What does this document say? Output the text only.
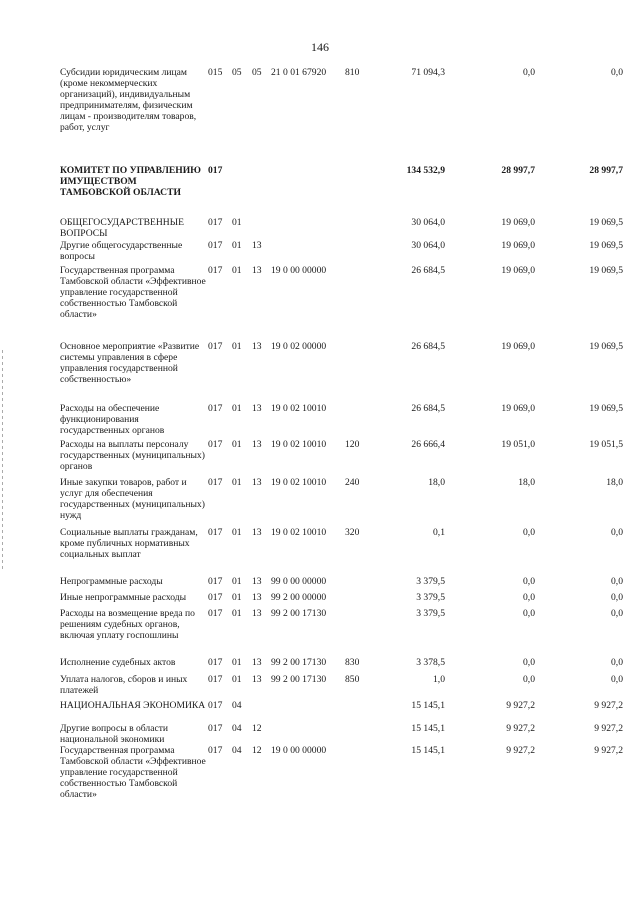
146
Субсидии юридическим лицам (кроме некоммерческих организаций), индивидуальным предпринимателям, физическим лицам - производителям товаров, работ, услуг
015 05 05 21 0 01 67920 810	71 094,3	0,0	0,0
КОМИТЕТ ПО УПРАВЛЕНИЮ ИМУЩЕСТВОМ ТАМБОВСКОЙ ОБЛАСТИ
017	134 532,9	28 997,7	28 997,7
ОБЩЕГОСУДАРСТВЕННЫЕ ВОПРОСЫ
017 01	30 064,0	19 069,0	19 069,5
Другие общегосударственные вопросы
017 01 13	30 064,0	19 069,0	19 069,5
Государственная программа Тамбовской области «Эффективное управление государственной собственностью Тамбовской области»
017 01 13 19 0 00 00000	26 684,5	19 069,0	19 069,5
Основное мероприятие «Развитие системы управления в сфере управления государственной собственностью»
017 01 13 19 0 02 00000	26 684,5	19 069,0	19 069,5
Расходы на обеспечение функционирования государственных органов
017 01 13 19 0 02 10010	26 684,5	19 069,0	19 069,5
Расходы на выплаты персоналу государственных (муниципальных) органов
017 01 13 19 0 02 10010 120	26 666,4	19 051,0	19 051,5
Иные закупки товаров, работ и услуг для обеспечения государственных (муниципальных) нужд
017 01 13 19 0 02 10010 240	18,0	18,0	18,0
Социальные выплаты гражданам, кроме публичных нормативных социальных выплат
017 01 13 19 0 02 10010 320	0,1	0,0	0,0
Непрограммные расходы	017 01 13 99 0 00 00000	3 379,5	0,0	0,0
Иные непрограммные расходы	017 01 13 99 2 00 00000	3 379,5	0,0	0,0
Расходы на возмещение вреда по решениям судебных органов, включая уплату госпошлины
017 01 13 99 2 00 17130	3 379,5	0,0	0,0
Исполнение судебных актов	017 01 13 99 2 00 17130 830	3 378,5	0,0	0,0
Уплата налогов, сборов и иных платежей
017 01 13 99 2 00 17130 850	1,0	0,0	0,0
НАЦИОНАЛЬНАЯ ЭКОНОМИКА 017 04	15 145,1	9 927,2	9 927,2
Другие вопросы в области национальной экономики
017 04 12	15 145,1	9 927,2	9 927,2
Государственная программа Тамбовской области «Эффективное управление государственной собственностью Тамбовской области»
017 04 12 19 0 00 00000	15 145,1	9 927,2	9 927,2
